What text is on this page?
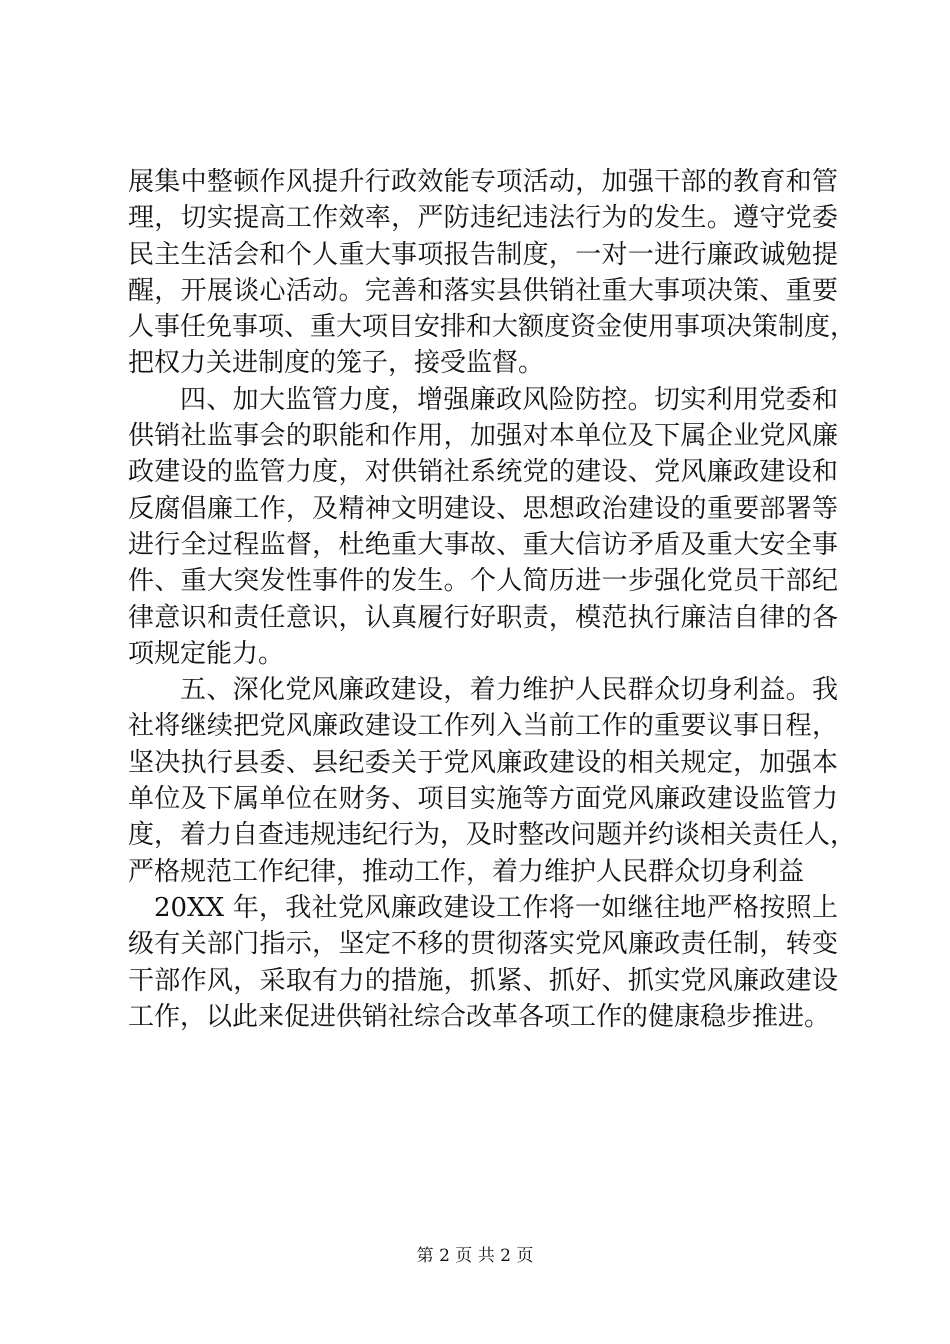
展集中整顿作风提升行政效能专项活动，加强干部的教育和管
理，切实提高工作效率，严防违纪违法行为的发生。遵守党委
民主生活会和个人重大事项报告制度，一对一进行廉政诚勉提
醒，开展谈心活动。完善和落实县供销社重大事项决策、重要
人事任免事项、重大项目安排和大额度资金使用事项决策制度，
把权力关进制度的笼子，接受监督。
四、加大监管力度，增强廉政风险防控。切实利用党委和
供销社监事会的职能和作用，加强对本单位及下属企业党风廉
政建设的监管力度，对供销社系统党的建设、党风廉政建设和
反腐倡廉工作，及精神文明建设、思想政治建设的重要部署等
进行全过程监督，杜绝重大事故、重大信访矛盾及重大安全事
件、重大突发性事件的发生。个人简历进一步强化党员干部纪
律意识和责任意识，认真履行好职责，模范执行廉洁自律的各
项规定能力。
五、深化党风廉政建设，着力维护人民群众切身利益。我
社将继续把党风廉政建设工作列入当前工作的重要议事日程，
坚决执行县委、县纪委关于党风廉政建设的相关规定，加强本
单位及下属单位在财务、项目实施等方面党风廉政建设监管力
度，着力自查违规违纪行为，及时整改问题并约谈相关责任人，
严格规范工作纪律，推动工作，着力维护人民群众切身利益
20XX 年，我社党风廉政建设工作将一如继往地严格按照上
级有关部门指示，坚定不移的贯彻落实党风廉政责任制，转变
干部作风，采取有力的措施，抓紧、抓好、抓实党风廉政建设
工作，以此来促进供销社综合改革各项工作的健康稳步推进。
第 2 页 共 2 页
